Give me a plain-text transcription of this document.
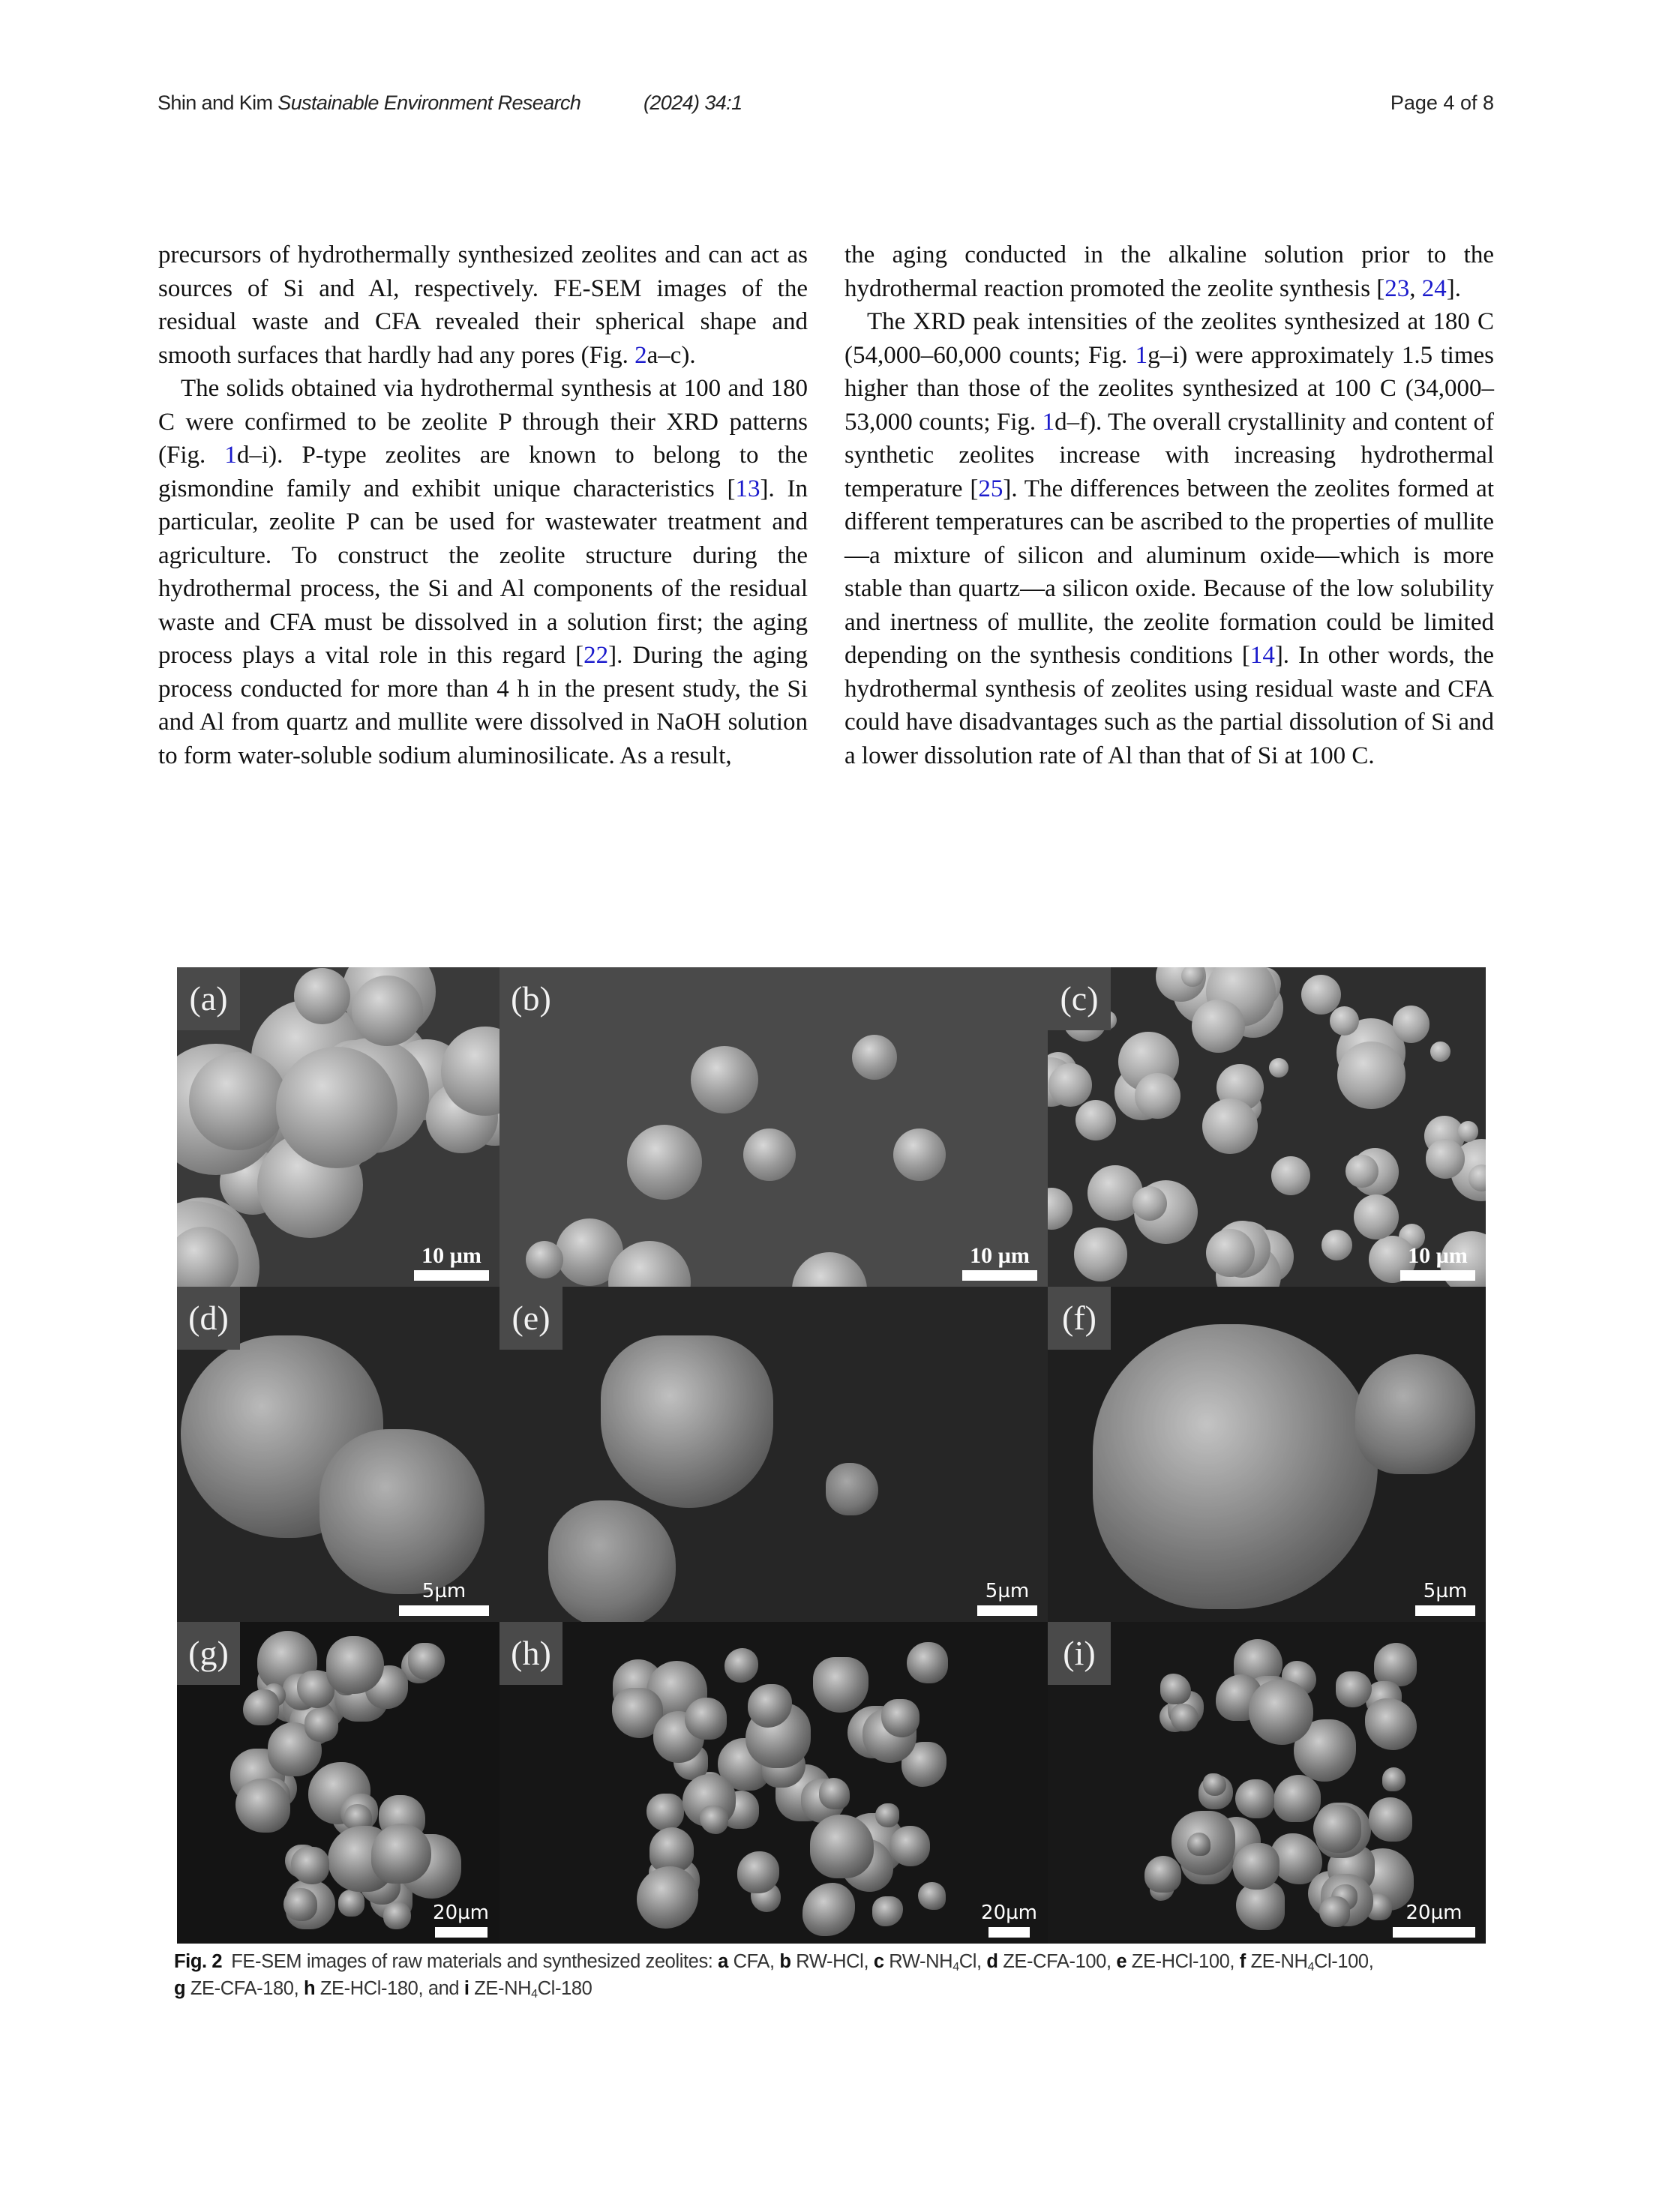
Shin and Kim Sustainable Environment Research	(2024) 34:1	Page 4 of 8

precursors of hydrothermally synthesized zeolites and can act as sources of Si and Al, respectively. FE-SEM images of the residual waste and CFA revealed their spherical shape and smooth surfaces that hardly had any pores (Fig. 2a–c).

The solids obtained via hydrothermal synthesis at 100 and 180 C were confirmed to be zeolite P through their XRD patterns (Fig. 1d–i). P-type zeolites are known to belong to the gismondine family and exhibit unique characteristics [13]. In particular, zeolite P can be used for wastewater treatment and agriculture. To construct the zeolite structure during the hydrothermal process, the Si and Al components of the residual waste and CFA must be dissolved in a solution first; the aging process plays a vital role in this regard [22]. During the aging process conducted for more than 4 h in the present study, the Si and Al from quartz and mullite were dissolved in NaOH solution to form water-soluble sodium aluminosilicate. As a result,

the aging conducted in the alkaline solution prior to the hydrothermal reaction promoted the zeolite synthesis [23, 24].

The XRD peak intensities of the zeolites synthesized at 180 C (54,000–60,000 counts; Fig. 1g–i) were approximately 1.5 times higher than those of the zeolites synthesized at 100 C (34,000–53,000 counts; Fig. 1d–f). The overall crystallinity and content of synthetic zeolites increase with increasing hydrothermal temperature [25]. The differences between the zeolites formed at different temperatures can be ascribed to the properties of mullite—a mixture of silicon and aluminum oxide—which is more stable than quartz—a silicon oxide. Because of the low solubility and inertness of mullite, the zeolite formation could be limited depending on the synthesis conditions [14]. In other words, the hydrothermal synthesis of zeolites using residual waste and CFA could have disadvantages such as the partial dissolution of Si and a lower dissolution rate of Al than that of Si at 100 C.

(a)
10 µm
(b)
10 µm
(c)
10 µm
(d)
5µm
(e)
5µm
(f)
5µm
(g)
20µm
(h)
20µm
(i)
20µm
Fig. 2 FE-SEM images of raw materials and synthesized zeolites: a CFA, b RW-HCl, c $RW-NH_4Cl$, d ZE-CFA-100, e ZE-HCl-100, f $ZE-NH_4Cl-100$,
g ZE-CFA-180, h ZE-HCl-180, and i $ZE-NH_4Cl-180$
